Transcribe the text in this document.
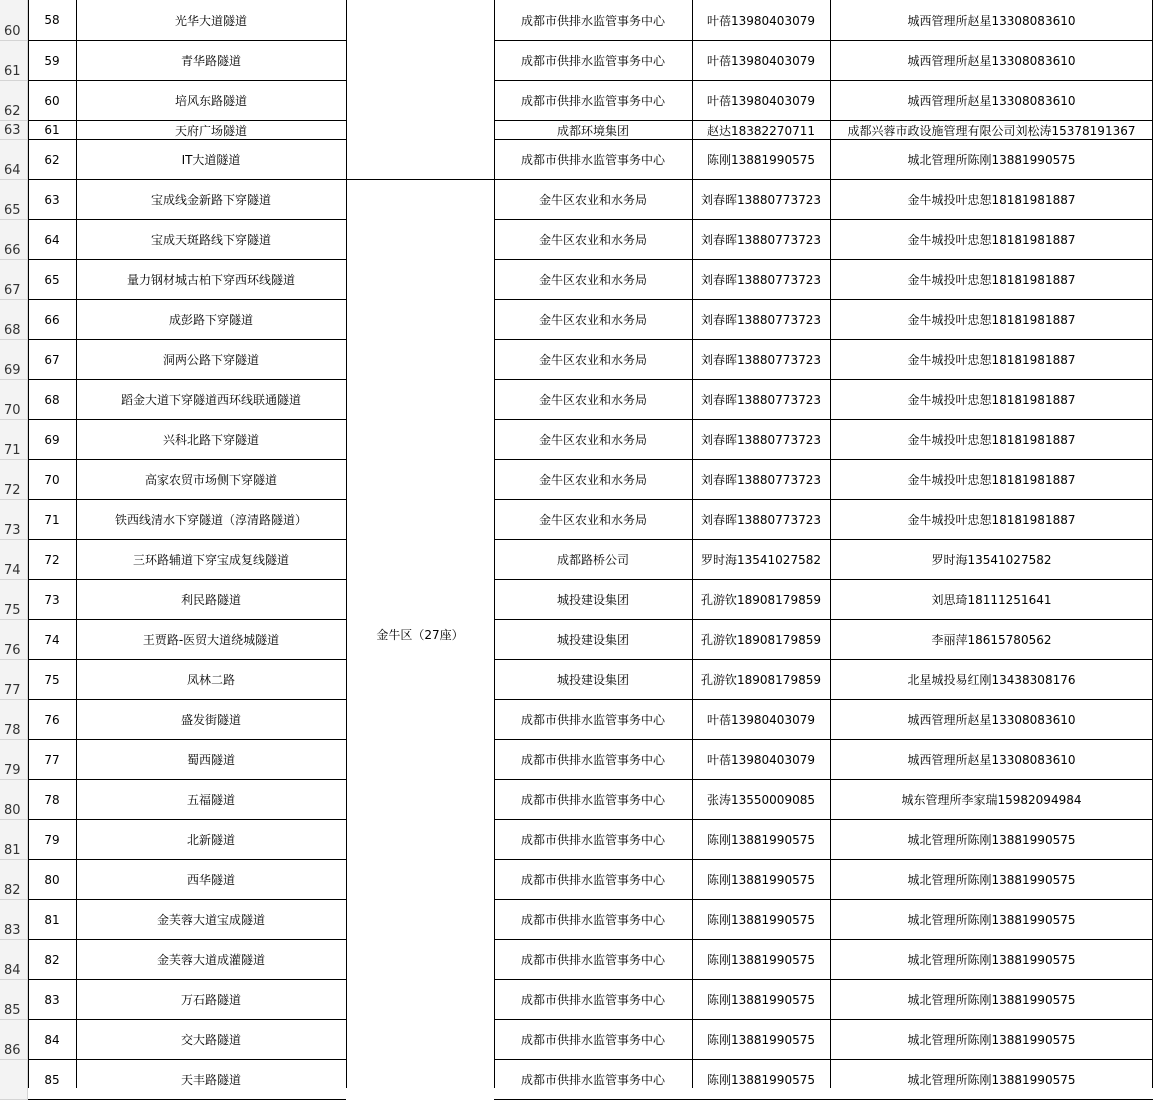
金牛区（27座）
60
58	光华大道隧道	成都市供排水监管事务中心	叶蓓13980403079	城西管理所赵星13308083610
61
59	青华路隧道	成都市供排水监管事务中心	叶蓓13980403079	城西管理所赵星13308083610
62
60	培风东路隧道	成都市供排水监管事务中心	叶蓓13980403079	城西管理所赵星13308083610
63	61	天府广场隧道	成都环境集团	赵达18382270711	成都兴蓉市政设施管理有限公司刘松涛15378191367
64
62	IT大道隧道	成都市供排水监管事务中心	陈刚13881990575	城北管理所陈刚13881990575
65
63	宝成线金新路下穿隧道	金牛区农业和水务局	刘春晖13880773723	金牛城投叶忠恕18181981887
66
64	宝成天斑路线下穿隧道	金牛区农业和水务局	刘春晖13880773723	金牛城投叶忠恕18181981887
67
65	量力钢材城古柏下穿西环线隧道	金牛区农业和水务局	刘春晖13880773723	金牛城投叶忠恕18181981887
68
66	成彭路下穿隧道	金牛区农业和水务局	刘春晖13880773723	金牛城投叶忠恕18181981887
69
67	洞两公路下穿隧道	金牛区农业和水务局	刘春晖13880773723	金牛城投叶忠恕18181981887
70
68	蹈金大道下穿隧道西环线联通隧道	金牛区农业和水务局	刘春晖13880773723	金牛城投叶忠恕18181981887
71
69	兴科北路下穿隧道	金牛区农业和水务局	刘春晖13880773723	金牛城投叶忠恕18181981887
72
70	高家农贸市场侧下穿隧道	金牛区农业和水务局	刘春晖13880773723	金牛城投叶忠恕18181981887
73
71	铁西线清水下穿隧道（淳清路隧道）	金牛区农业和水务局	刘春晖13880773723	金牛城投叶忠恕18181981887
74
72	三环路辅道下穿宝成复线隧道	成都路桥公司	罗时海13541027582	罗时海13541027582
75
73	利民路隧道	城投建设集团	孔游钦18908179859	刘思琦18111251641
76
74	王贾路-医贸大道绕城隧道	城投建设集团	孔游钦18908179859	李丽萍18615780562
77
75	凤林二路	城投建设集团	孔游钦18908179859	北星城投易红刚13438308176
78
76	盛发街隧道	成都市供排水监管事务中心	叶蓓13980403079	城西管理所赵星13308083610
79
77	蜀西隧道	成都市供排水监管事务中心	叶蓓13980403079	城西管理所赵星13308083610
80
78	五福隧道	成都市供排水监管事务中心	张涛13550009085	城东管理所李家瑞15982094984
81
79	北新隧道	成都市供排水监管事务中心	陈刚13881990575	城北管理所陈刚13881990575
82
80	西华隧道	成都市供排水监管事务中心	陈刚13881990575	城北管理所陈刚13881990575
83
81	金芙蓉大道宝成隧道	成都市供排水监管事务中心	陈刚13881990575	城北管理所陈刚13881990575
84
82	金芙蓉大道成灌隧道	成都市供排水监管事务中心	陈刚13881990575	城北管理所陈刚13881990575
85
83	万石路隧道	成都市供排水监管事务中心	陈刚13881990575	城北管理所陈刚13881990575
86
84	交大路隧道	成都市供排水监管事务中心	陈刚13881990575	城北管理所陈刚13881990575
85	天丰路隧道	成都市供排水监管事务中心	陈刚13881990575	城北管理所陈刚13881990575
